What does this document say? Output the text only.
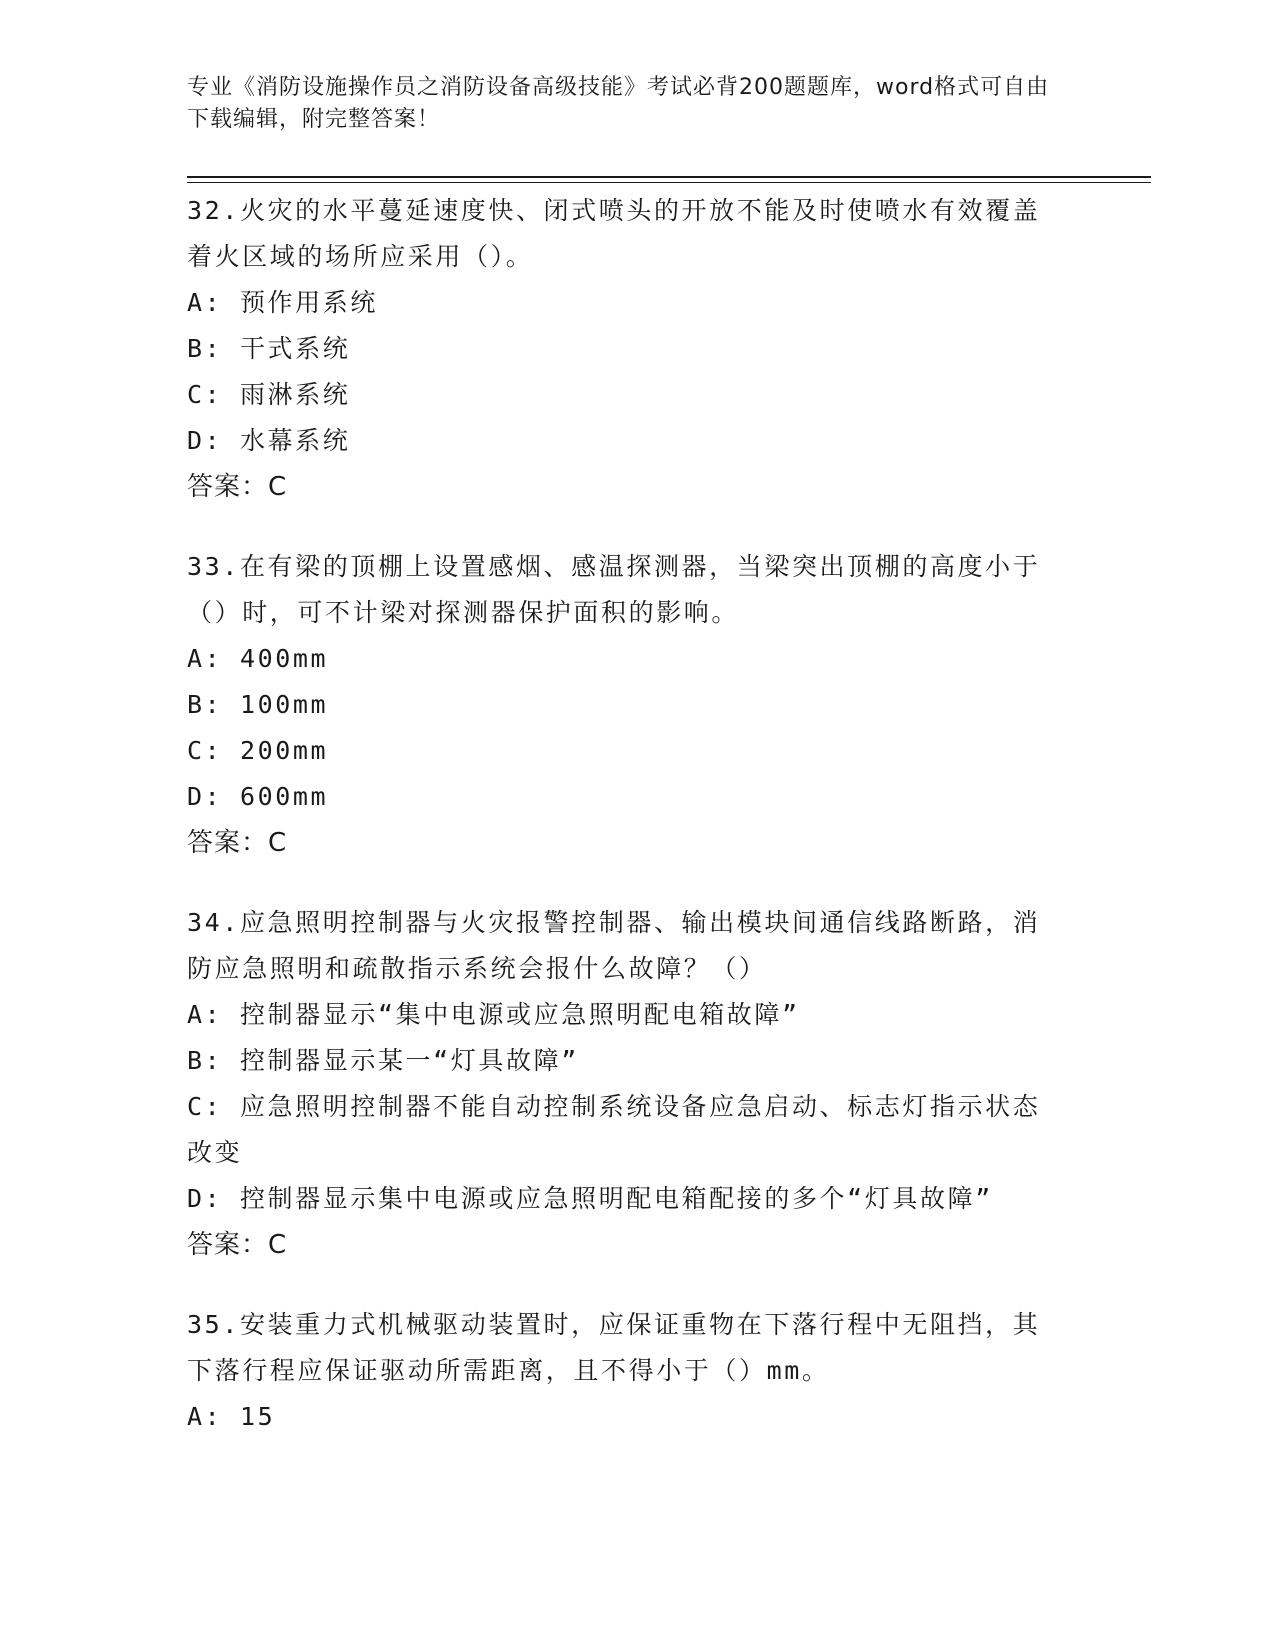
专业《消防设施操作员之消防设备高级技能》考试必背200题题库，word格式可自由下载编辑，附完整答案！

32.火灾的水平蔓延速度快、闭式喷头的开放不能及时使喷水有效覆盖着火区域的场所应采用（）。

A: 预作用系统

B: 干式系统

C: 雨淋系统

D: 水幕系统

答案：C

33.在有梁的顶棚上设置感烟、感温探测器，当梁突出顶棚的高度小于（）时，可不计梁对探测器保护面积的影响。

A: 400mm

B: 100mm

C: 200mm

D: 600mm

答案：C

34.应急照明控制器与火灾报警控制器、输出模块间通信线路断路，消防应急照明和疏散指示系统会报什么故障？（）

A: 控制器显示“集中电源或应急照明配电箱故障”

B: 控制器显示某一“灯具故障”

C: 应急照明控制器不能自动控制系统设备应急启动、标志灯指示状态改变

D: 控制器显示集中电源或应急照明配电箱配接的多个“灯具故障”

答案：C

35.安装重力式机械驱动装置时，应保证重物在下落行程中无阻挡，其下落行程应保证驱动所需距离，且不得小于（）mm。

A: 15
